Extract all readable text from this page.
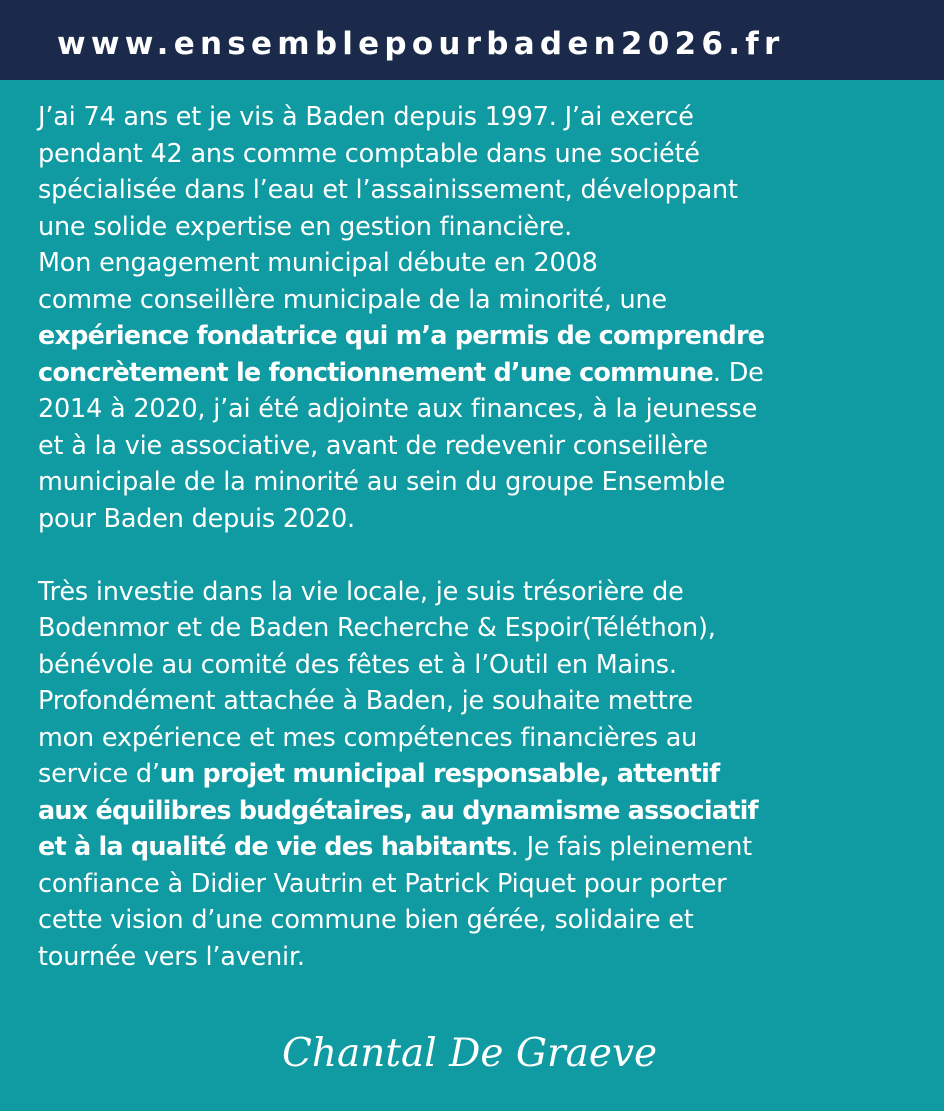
www.ensemblepourbaden2026.fr

J’ai 74 ans et je vis à Baden depuis 1997. J’ai exercé
pendant 42 ans comme comptable dans une société
spécialisée dans l’eau et l’assainissement, développant
une solide expertise en gestion financière.
Mon engagement municipal débute en 2008
comme conseillère municipale de la minorité, une
expérience fondatrice qui m’a permis de comprendre
concrètement le fonctionnement d’une commune. De
2014 à 2020, j’ai été adjointe aux finances, à la jeunesse
et à la vie associative, avant de redevenir conseillère
municipale de la minorité au sein du groupe Ensemble
pour Baden depuis 2020.
Très investie dans la vie locale, je suis trésorière de
Bodenmor et de Baden Recherche & Espoir(Téléthon),
bénévole au comité des fêtes et à l’Outil en Mains.
Profondément attachée à Baden, je souhaite mettre
mon expérience et mes compétences financières au
service d’un projet municipal responsable, attentif
aux équilibres budgétaires, au dynamisme associatif
et à la qualité de vie des habitants. Je fais pleinement
confiance à Didier Vautrin et Patrick Piquet pour porter
cette vision d’une commune bien gérée, solidaire et
tournée vers l’avenir.

Chantal De Graeve
